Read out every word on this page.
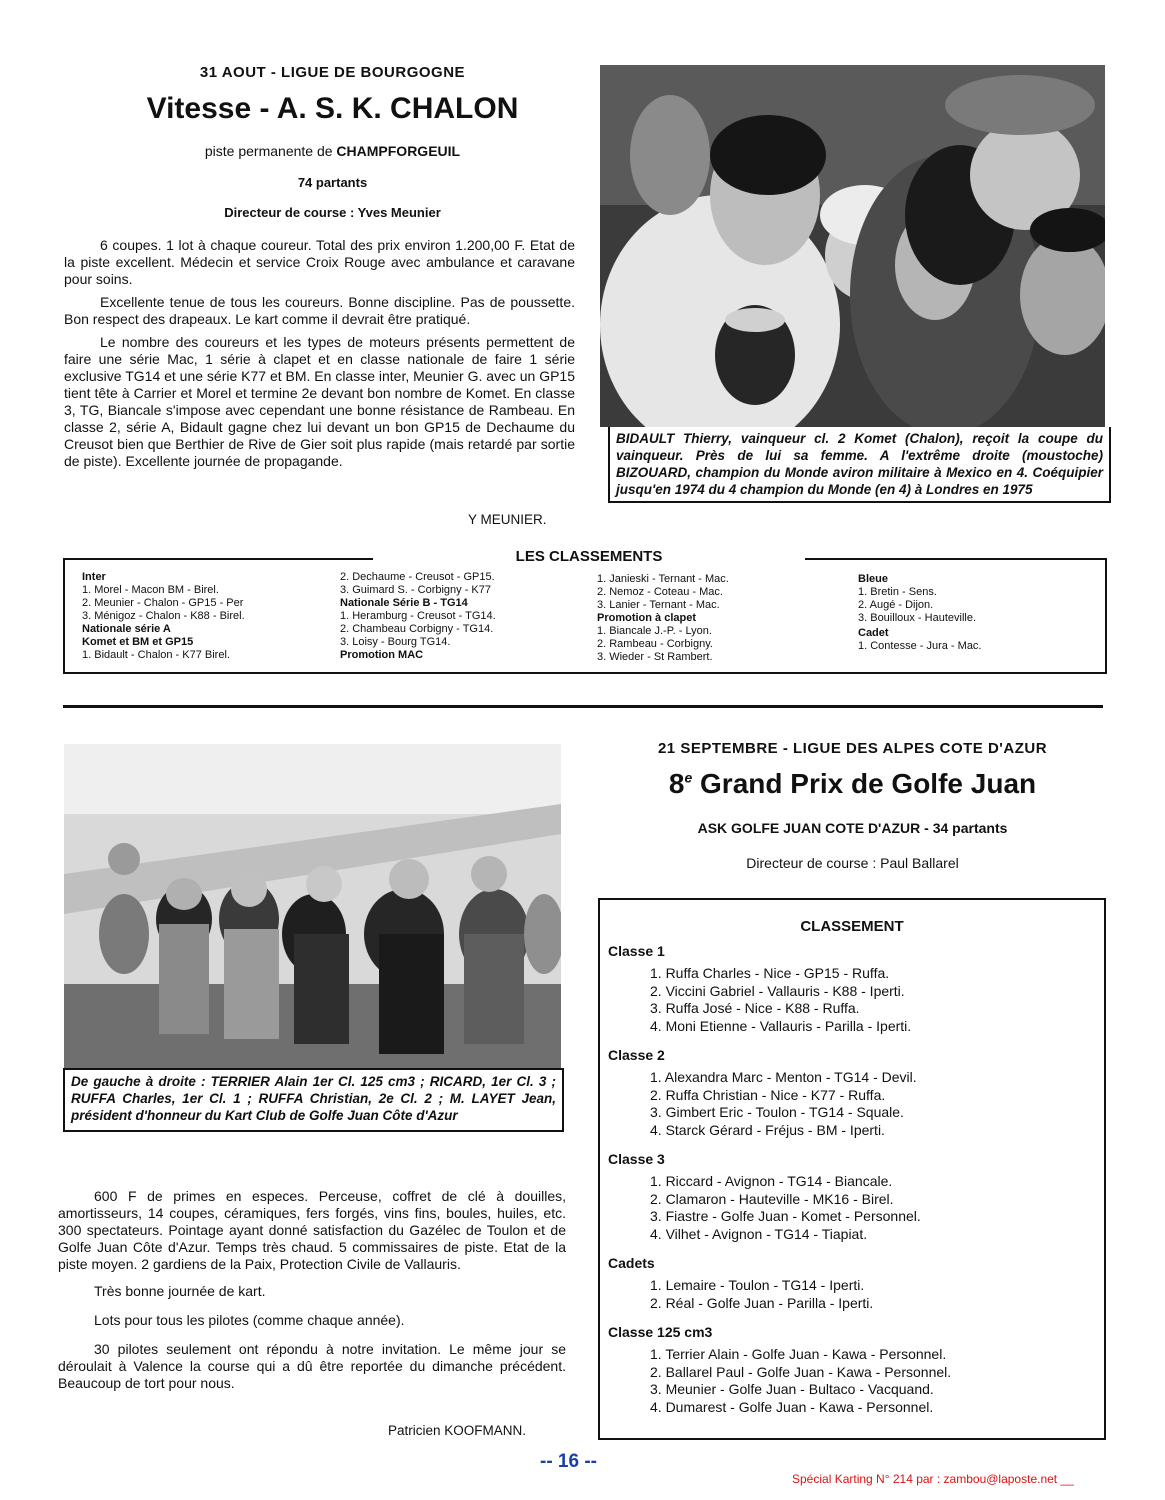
31 AOUT - LIGUE DE BOURGOGNE
Vitesse - A. S. K. CHALON
piste permanente de CHAMPFORGEUIL
74 partants
Directeur de course : Yves Meunier

6 coupes. 1 lot à chaque coureur. Total des prix environ 1.200,00 F. Etat de la piste excellent. Médecin et service Croix Rouge avec ambulance et caravane pour soins.

Excellente tenue de tous les coureurs. Bonne discipline. Pas de poussette. Bon respect des drapeaux. Le kart comme il devrait être pratiqué.

Le nombre des coureurs et les types de moteurs présents permettent de faire une série Mac, 1 série à clapet et en classe nationale de faire 1 série exclusive TG14 et une série K77 et BM. En classe inter, Meunier G. avec un GP15 tient tête à Carrier et Morel et termine 2e devant bon nombre de Komet. En classe 3, TG, Biancale s'impose avec cependant une bonne résistance de Rambeau. En classe 2, série A, Bidault gagne chez lui devant un bon GP15 de Dechaume du Creusot bien que Berthier de Rive de Gier soit plus rapide (mais retardé par sortie de piste). Excellente journée de propagande.

Y MEUNIER.
BIDAULT Thierry, vainqueur cl. 2 Komet (Chalon), reçoit la coupe du vainqueur. Près de lui sa femme. A l'extrême droite (moustoche) BIZOUARD, champion du Monde aviron militaire à Mexico en 4. Coéquipier jusqu'en 1974 du 4 champion du Monde (en 4) à Londres en 1975
LES CLASSEMENTS
Inter
1. Morel - Macon BM - Birel.
2. Meunier - Chalon - GP15 - Per
3. Ménigoz - Chalon - K88 - Birel.
Nationale série A
Komet et BM et GP15
1. Bidault - Chalon - K77 Birel.
2. Dechaume - Creusot - GP15.
3. Guimard S. - Corbigny - K77
Nationale Série B - TG14
1. Heramburg - Creusot - TG14.
2. Chambeau Corbigny - TG14.
3. Loisy - Bourg TG14.
Promotion MAC
1. Janieski - Ternant - Mac.
2. Nemoz - Coteau - Mac.
3. Lanier - Ternant - Mac.
Promotion à clapet
1. Biancale J.-P. - Lyon.
2. Rambeau - Corbigny.
3. Wieder - St Rambert.
Bleue
1. Bretin - Sens.
2. Augé - Dijon.
3. Bouilloux - Hauteville.
Cadet
1. Contesse - Jura - Mac.
De gauche à droite : TERRIER Alain 1er Cl. 125 cm3 ; RICARD, 1er Cl. 3 ; RUFFA Charles, 1er Cl. 1 ; RUFFA Christian, 2e Cl. 2 ; M. LAYET Jean, président d'honneur du Kart Club de Golfe Juan Côte d'Azur

600 F de primes en especes. Perceuse, coffret de clé à douilles, amortisseurs, 14 coupes, céramiques, fers forgés, vins fins, boules, huiles, etc. 300 spectateurs. Pointage ayant donné satisfaction du Gazélec de Toulon et de Golfe Juan Côte d'Azur. Temps très chaud. 5 commissaires de piste. Etat de la piste moyen. 2 gardiens de la Paix, Protection Civile de Vallauris.

Très bonne journée de kart.

Lots pour tous les pilotes (comme chaque année).

30 pilotes seulement ont répondu à notre invitation. Le même jour se déroulait à Valence la course qui a dû être reportée du dimanche précédent. Beaucoup de tort pour nous.

Patricien KOOFMANN.
21 SEPTEMBRE - LIGUE DES ALPES COTE D'AZUR
8e Grand Prix de Golfe Juan
ASK GOLFE JUAN COTE D'AZUR - 34 partants
Directeur de course : Paul Ballarel
CLASSEMENT
Classe 1
1. Ruffa Charles - Nice - GP15 - Ruffa.
2. Viccini Gabriel - Vallauris - K88 - Iperti.
3. Ruffa José - Nice - K88 - Ruffa.
4. Moni Etienne - Vallauris - Parilla - Iperti.
Classe 2
1. Alexandra Marc - Menton - TG14 - Devil.
2. Ruffa Christian - Nice - K77 - Ruffa.
3. Gimbert Eric - Toulon - TG14 - Squale.
4. Starck Gérard - Fréjus - BM - Iperti.
Classe 3
1. Riccard - Avignon - TG14 - Biancale.
2. Clamaron - Hauteville - MK16 - Birel.
3. Fiastre - Golfe Juan - Komet - Personnel.
4. Vilhet - Avignon - TG14 - Tiapiat.
Cadets
1. Lemaire - Toulon - TG14 - Iperti.
2. Réal - Golfe Juan - Parilla - Iperti.
Classe 125 cm3
1. Terrier Alain - Golfe Juan - Kawa - Personnel.
2. Ballarel Paul - Golfe Juan - Kawa - Personnel.
3. Meunier - Golfe Juan - Bultaco - Vacquand.
4. Dumarest - Golfe Juan - Kawa - Personnel.
-- 16 --
Spécial Karting N° 214 par : zambou@laposte.net __
